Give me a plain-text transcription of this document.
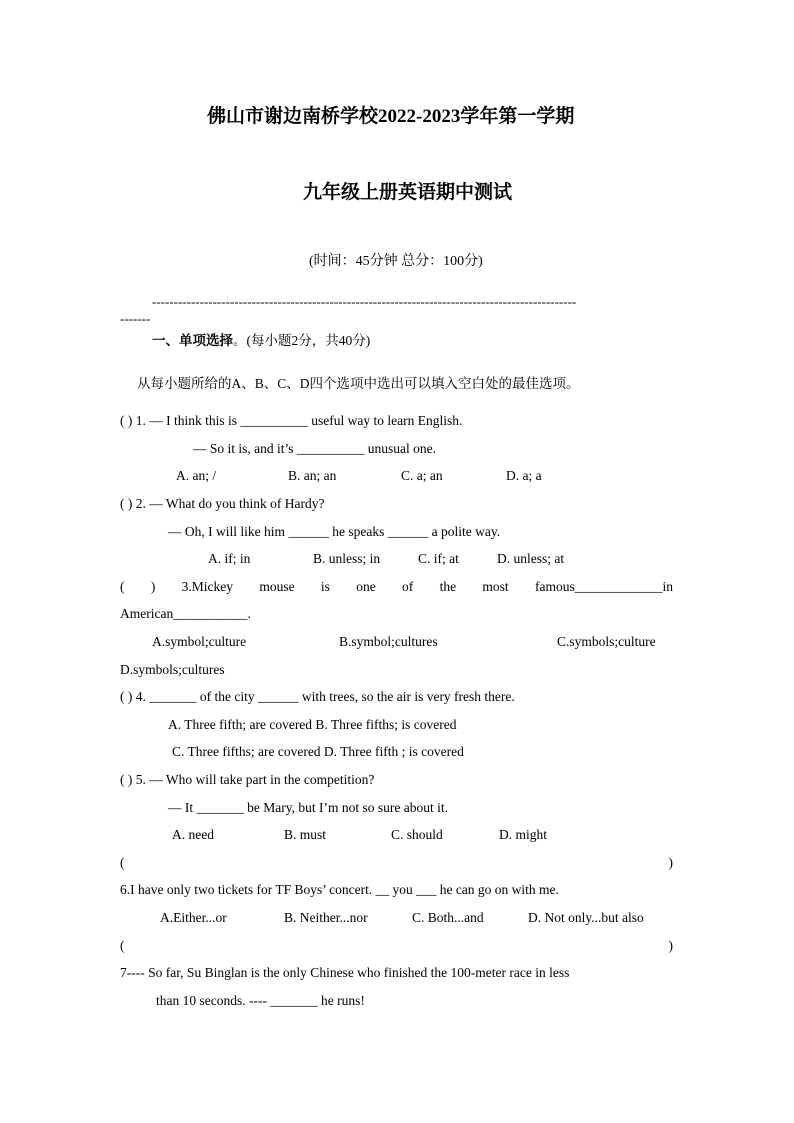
佛山市谢边南桥学校2022-2023学年第一学期
九年级上册英语期中测试
(时间：45分钟 总分：100分)
--------------------------------------------------------------------------------------------------
-------
一、单项选择。(每小题2分，共40分)
从每小题所给的A、B、C、D四个选项中选出可以填入空白处的最佳选项。
( ) 1. — I think this is __________ useful way to learn English.
— So it is, and it’s __________ unusual one.
A. an; /	B. an; an	C. a; an	D. a; a
( ) 2. — What do you think of Hardy?
— Oh, I will like him ______ he speaks ______ a polite way.
A. if; in	B. unless; in	C. if; at	D. unless; at
( ) 3.Mickey mouse is one of the most famous_____________in
American___________.
A.symbol;culture	B.symbol;cultures	C.symbols;culture
D.symbols;cultures
( ) 4. _______ of the city ______ with trees, so the air is very fresh there.
A. Three fifth; are covered B. Three fifths; is covered
C. Three fifths; are covered D. Three fifth ; is covered
( ) 5. — Who will take part in the competition?
— It _______ be Mary, but I’m not so sure about it.
A. need	B. must	C. should	D. might
(	)
6.I have only two tickets for TF Boys’ concert. __ you ___ he can go on with me.
A.Either...or	B. Neither...nor	C. Both...and	D. Not only...but also
(	)
7---- So far, Su Binglan is the only Chinese who finished the 100-meter race in less
than 10 seconds. ---- _______ he runs!
